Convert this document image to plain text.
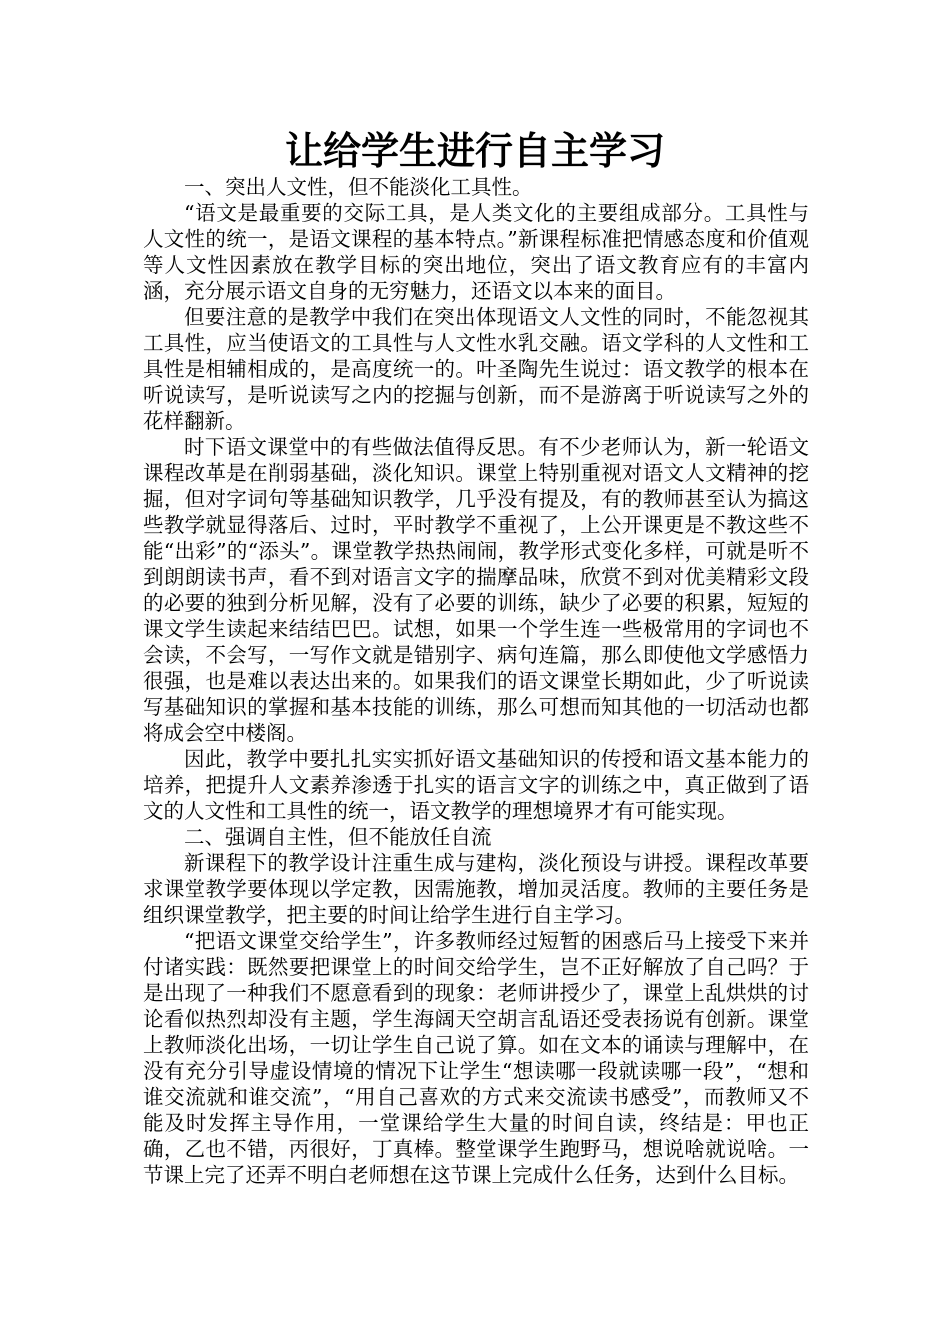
让给学生进行自主学习

一、突出人文性，但不能淡化工具性。

“语文是最重要的交际工具，是人类文化的主要组成部分。工具性与人文性的统一，是语文课程的基本特点。”新课程标准把情感态度和价值观等人文性因素放在教学目标的突出地位，突出了语文教育应有的丰富内涵，充分展示语文自身的无穷魅力，还语文以本来的面目。

但要注意的是教学中我们在突出体现语文人文性的同时，不能忽视其工具性，应当使语文的工具性与人文性水乳交融。语文学科的人文性和工具性是相辅相成的，是高度统一的。叶圣陶先生说过：语文教学的根本在听说读写，是听说读写之内的挖掘与创新，而不是游离于听说读写之外的花样翻新。

时下语文课堂中的有些做法值得反思。有不少老师认为，新一轮语文课程改革是在削弱基础，淡化知识。课堂上特别重视对语文人文精神的挖掘，但对字词句等基础知识教学，几乎没有提及，有的教师甚至认为搞这些教学就显得落后、过时，平时教学不重视了，上公开课更是不教这些不能“出彩”的“添头”。课堂教学热热闹闹，教学形式变化多样，可就是听不到朗朗读书声，看不到对语言文字的揣摩品味，欣赏不到对优美精彩文段的必要的独到分析见解，没有了必要的训练，缺少了必要的积累，短短的课文学生读起来结结巴巴。试想，如果一个学生连一些极常用的字词也不会读，不会写，一写作文就是错别字、病句连篇，那么即使他文学感悟力很强，也是难以表达出来的。如果我们的语文课堂长期如此，少了听说读写基础知识的掌握和基本技能的训练，那么可想而知其他的一切活动也都将成会空中楼阁。

因此，教学中要扎扎实实抓好语文基础知识的传授和语文基本能力的培养，把提升人文素养渗透于扎实的语言文字的训练之中，真正做到了语文的人文性和工具性的统一，语文教学的理想境界才有可能实现。

二、强调自主性，但不能放任自流

新课程下的教学设计注重生成与建构，淡化预设与讲授。课程改革要求课堂教学要体现以学定教，因需施教，增加灵活度。教师的主要任务是组织课堂教学，把主要的时间让给学生进行自主学习。

“把语文课堂交给学生”，许多教师经过短暂的困惑后马上接受下来并付诸实践：既然要把课堂上的时间交给学生，岂不正好解放了自己吗？于是出现了一种我们不愿意看到的现象：老师讲授少了，课堂上乱烘烘的讨论看似热烈却没有主题，学生海阔天空胡言乱语还受表扬说有创新。课堂上教师淡化出场，一切让学生自己说了算。如在文本的诵读与理解中，在没有充分引导虚设情境的情况下让学生“想读哪一段就读哪一段”，“想和谁交流就和谁交流”，“用自己喜欢的方式来交流读书感受”，而教师又不能及时发挥主导作用，一堂课给学生大量的时间自读，终结是：甲也正确，乙也不错，丙很好，丁真棒。整堂课学生跑野马，想说啥就说啥。一节课上完了还弄不明白老师想在这节课上完成什么任务，达到什么目标。
